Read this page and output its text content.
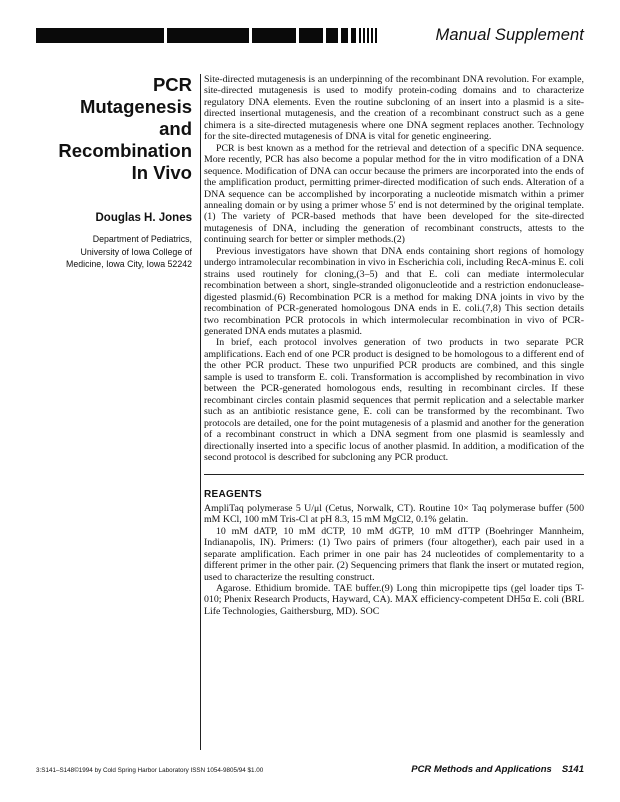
Manual Supplement
PCR
Mutagenesis
and
Recombination
In Vivo
Douglas H. Jones
Department of Pediatrics,
University of Iowa College of
Medicine, Iowa City, Iowa 52242

Site-directed mutagenesis is an underpinning of the recombinant DNA revolution. For example, site-directed mutagenesis is used to modify protein-coding domains and to characterize regulatory DNA elements. Even the routine subcloning of an insert into a plasmid is a site-directed insertional mutagenesis, and the creation of a recombinant construct such as a gene chimera is a site-directed mutagenesis where one DNA segment replaces another. Technology for the site-directed mutagenesis of DNA is vital for genetic engineering.

PCR is best known as a method for the retrieval and detection of a specific DNA sequence. More recently, PCR has also become a popular method for the in vitro modification of a DNA sequence. Modification of DNA can occur because the primers are incorporated into the ends of the amplification product, permitting primer-directed modification of such ends. Alteration of a DNA sequence can be accomplished by incorporating a nucleotide mismatch within a primer annealing domain or by using a primer whose 5′ end is not determined by the original template.(1) The variety of PCR-based methods that have been developed for the site-directed mutagenesis of DNA, including the generation of recombinant constructs, attests to the continuing search for better or simpler methods.(2)

Previous investigators have shown that DNA ends containing short regions of homology undergo intramolecular recombination in vivo in Escherichia coli, including RecA-minus E. coli strains used routinely for cloning,(3–5) and that E. coli can mediate intermolecular recombination between a short, single-stranded oligonucleotide and a restriction endonuclease-digested plasmid.(6) Recombination PCR is a method for making DNA joints in vivo by the recombination of PCR-generated homologous DNA ends in E. coli.(7,8) This section details two recombination PCR protocols in which intermolecular recombination in vivo of PCR-generated DNA ends mutates a plasmid.

In brief, each protocol involves generation of two products in two separate PCR amplifications. Each end of one PCR product is designed to be homologous to a different end of the other PCR product. These two unpurified PCR products are combined, and this single sample is used to transform E. coli. Transformation is accomplished by recombination in vivo between the PCR-generated homologous ends, resulting in recombinant circles. If these recombinant circles contain plasmid sequences that permit replication and a selectable marker such as an antibiotic resistance gene, E. coli can be transformed by the recombinant. Two protocols are detailed, one for the point mutagenesis of a plasmid and another for the generation of a recombinant construct in which a DNA segment from one plasmid is seamlessly and directionally inserted into a specific locus of another plasmid. In addition, a modification of the second protocol is described for subcloning any PCR product.

REAGENTS

AmpliTaq polymerase 5 U/μl (Cetus, Norwalk, CT). Routine 10× Taq polymerase buffer (500 mM KCl, 100 mM Tris-Cl at pH 8.3, 15 mM MgCl2, 0.1% gelatin.

10 mM dATP, 10 mM dCTP, 10 mM dGTP, 10 mM dTTP (Boehringer Mannheim, Indianapolis, IN). Primers: (1) Two pairs of primers (four altogether), each pair used in a separate amplification. Each primer in one pair has 24 nucleotides of complementarity to a different primer in the other pair. (2) Sequencing primers that flank the insert or mutated region, used to characterize the resulting construct.

Agarose. Ethidium bromide. TAE buffer.(9) Long thin micropipette tips (gel loader tips T-010; Phenix Research Products, Hayward, CA). MAX efficiency-competent DH5α E. coli (BRL Life Technologies, Gaithersburg, MD). SOC

3:S141–S148©1994 by Cold Spring Harbor Laboratory ISSN 1054-9805/94 $1.00	PCR Methods and Applications S141
